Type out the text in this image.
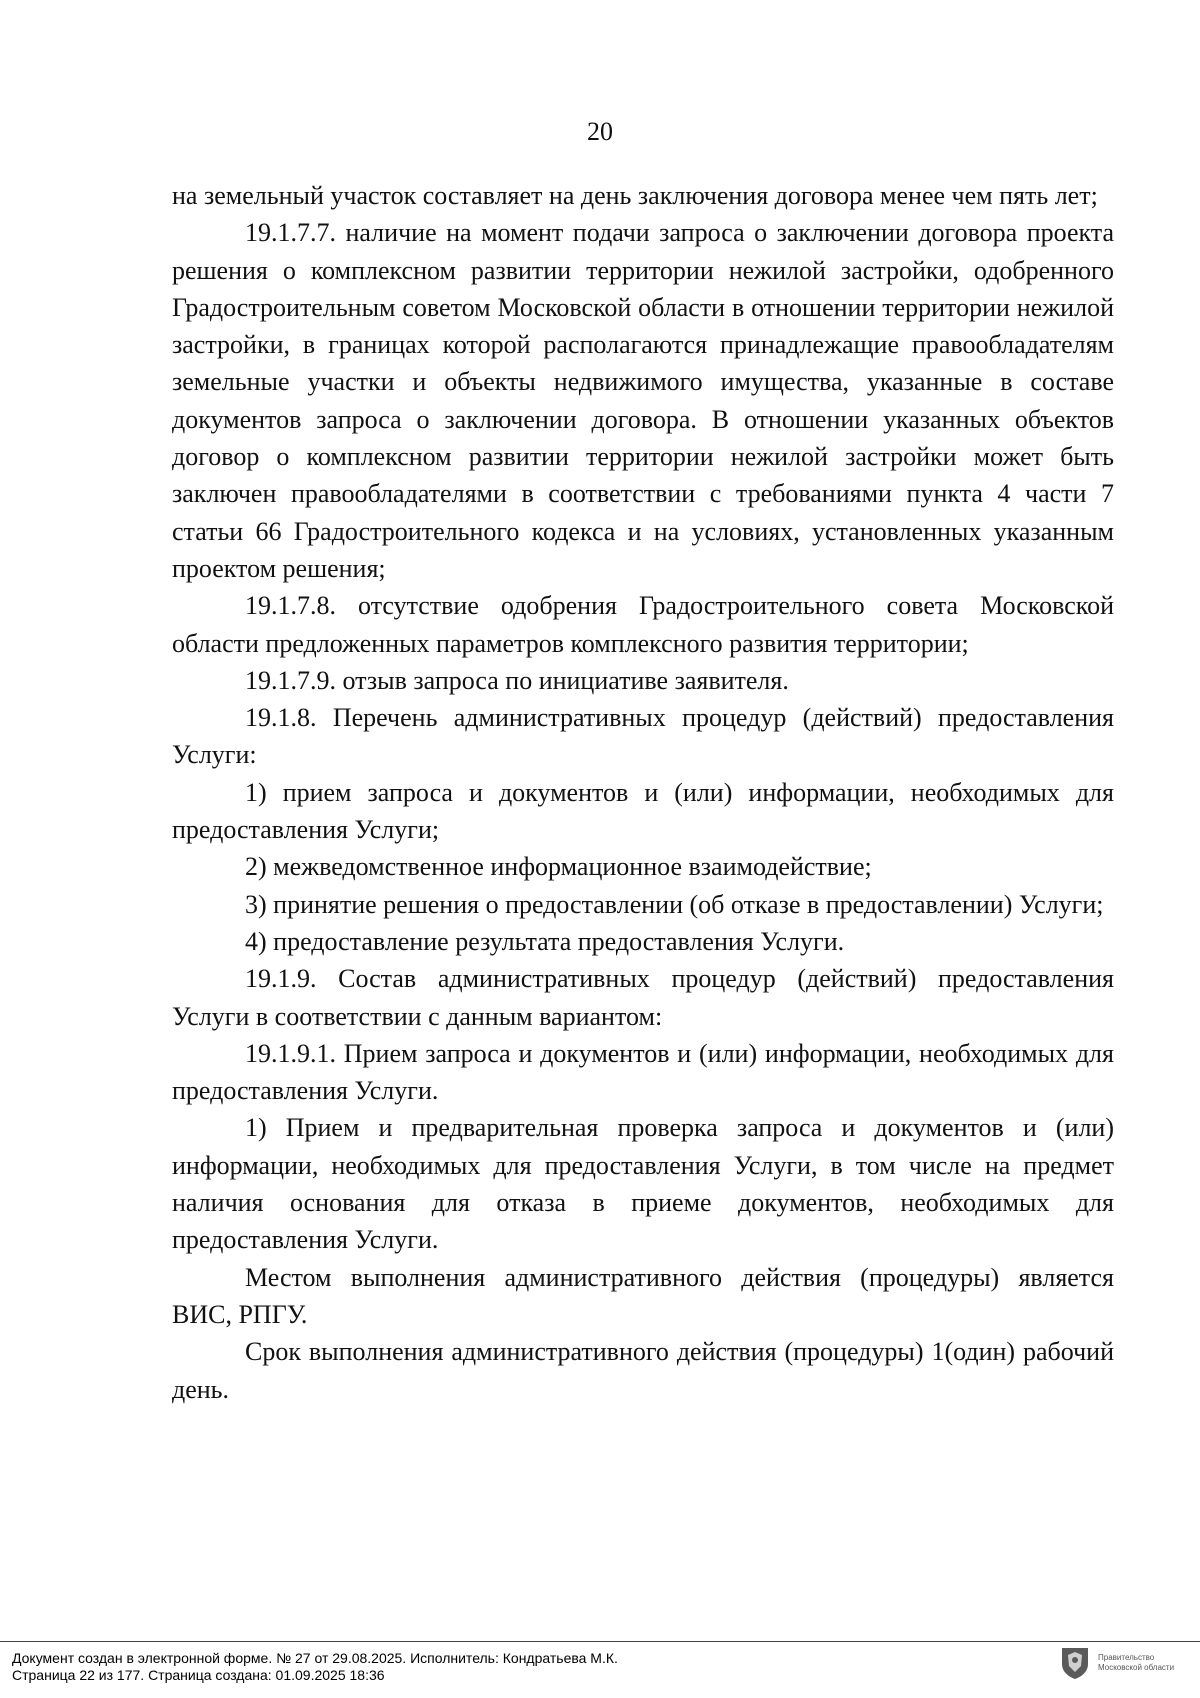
20

на земельный участок составляет на день заключения договора менее чем пять лет;

19.1.7.7. наличие на момент подачи запроса о заключении договора проекта решения о комплексном развитии территории нежилой застройки, одобренного Градостроительным советом Московской области в отношении территории нежилой застройки, в границах которой располагаются принадлежащие правообладателям земельные участки и объекты недвижимого имущества, указанные в составе документов запроса о заключении договора. В отношении указанных объектов договор о комплексном развитии территории нежилой застройки может быть заключен правообладателями в соответствии с требованиями пункта 4 части 7 статьи 66 Градостроительного кодекса и на условиях, установленных указанным проектом решения;

19.1.7.8. отсутствие одобрения Градостроительного совета Московской области предложенных параметров комплексного развития территории;

19.1.7.9. отзыв запроса по инициативе заявителя.

19.1.8. Перечень административных процедур (действий) предоставления Услуги:

1) прием запроса и документов и (или) информации, необходимых для предоставления Услуги;

2) межведомственное информационное взаимодействие;

3) принятие решения о предоставлении (об отказе в предоставлении) Услуги;

4) предоставление результата предоставления Услуги.

19.1.9. Состав административных процедур (действий) предоставления Услуги в соответствии с данным вариантом:

19.1.9.1. Прием запроса и документов и (или) информации, необходимых для предоставления Услуги.

1) Прием и предварительная проверка запроса и документов и (или) информации, необходимых для предоставления Услуги, в том числе на предмет наличия основания для отказа в приеме документов, необходимых для предоставления Услуги.

Местом выполнения административного действия (процедуры) является ВИС, РПГУ.

Срок выполнения административного действия (процедуры) 1(один) рабочий день.

Документ создан в электронной форме. № 27 от 29.08.2025. Исполнитель: Кондратьева М.К.
Страница 22 из 177. Страница создана: 01.09.2025 18:36
Правительство
Московской области
